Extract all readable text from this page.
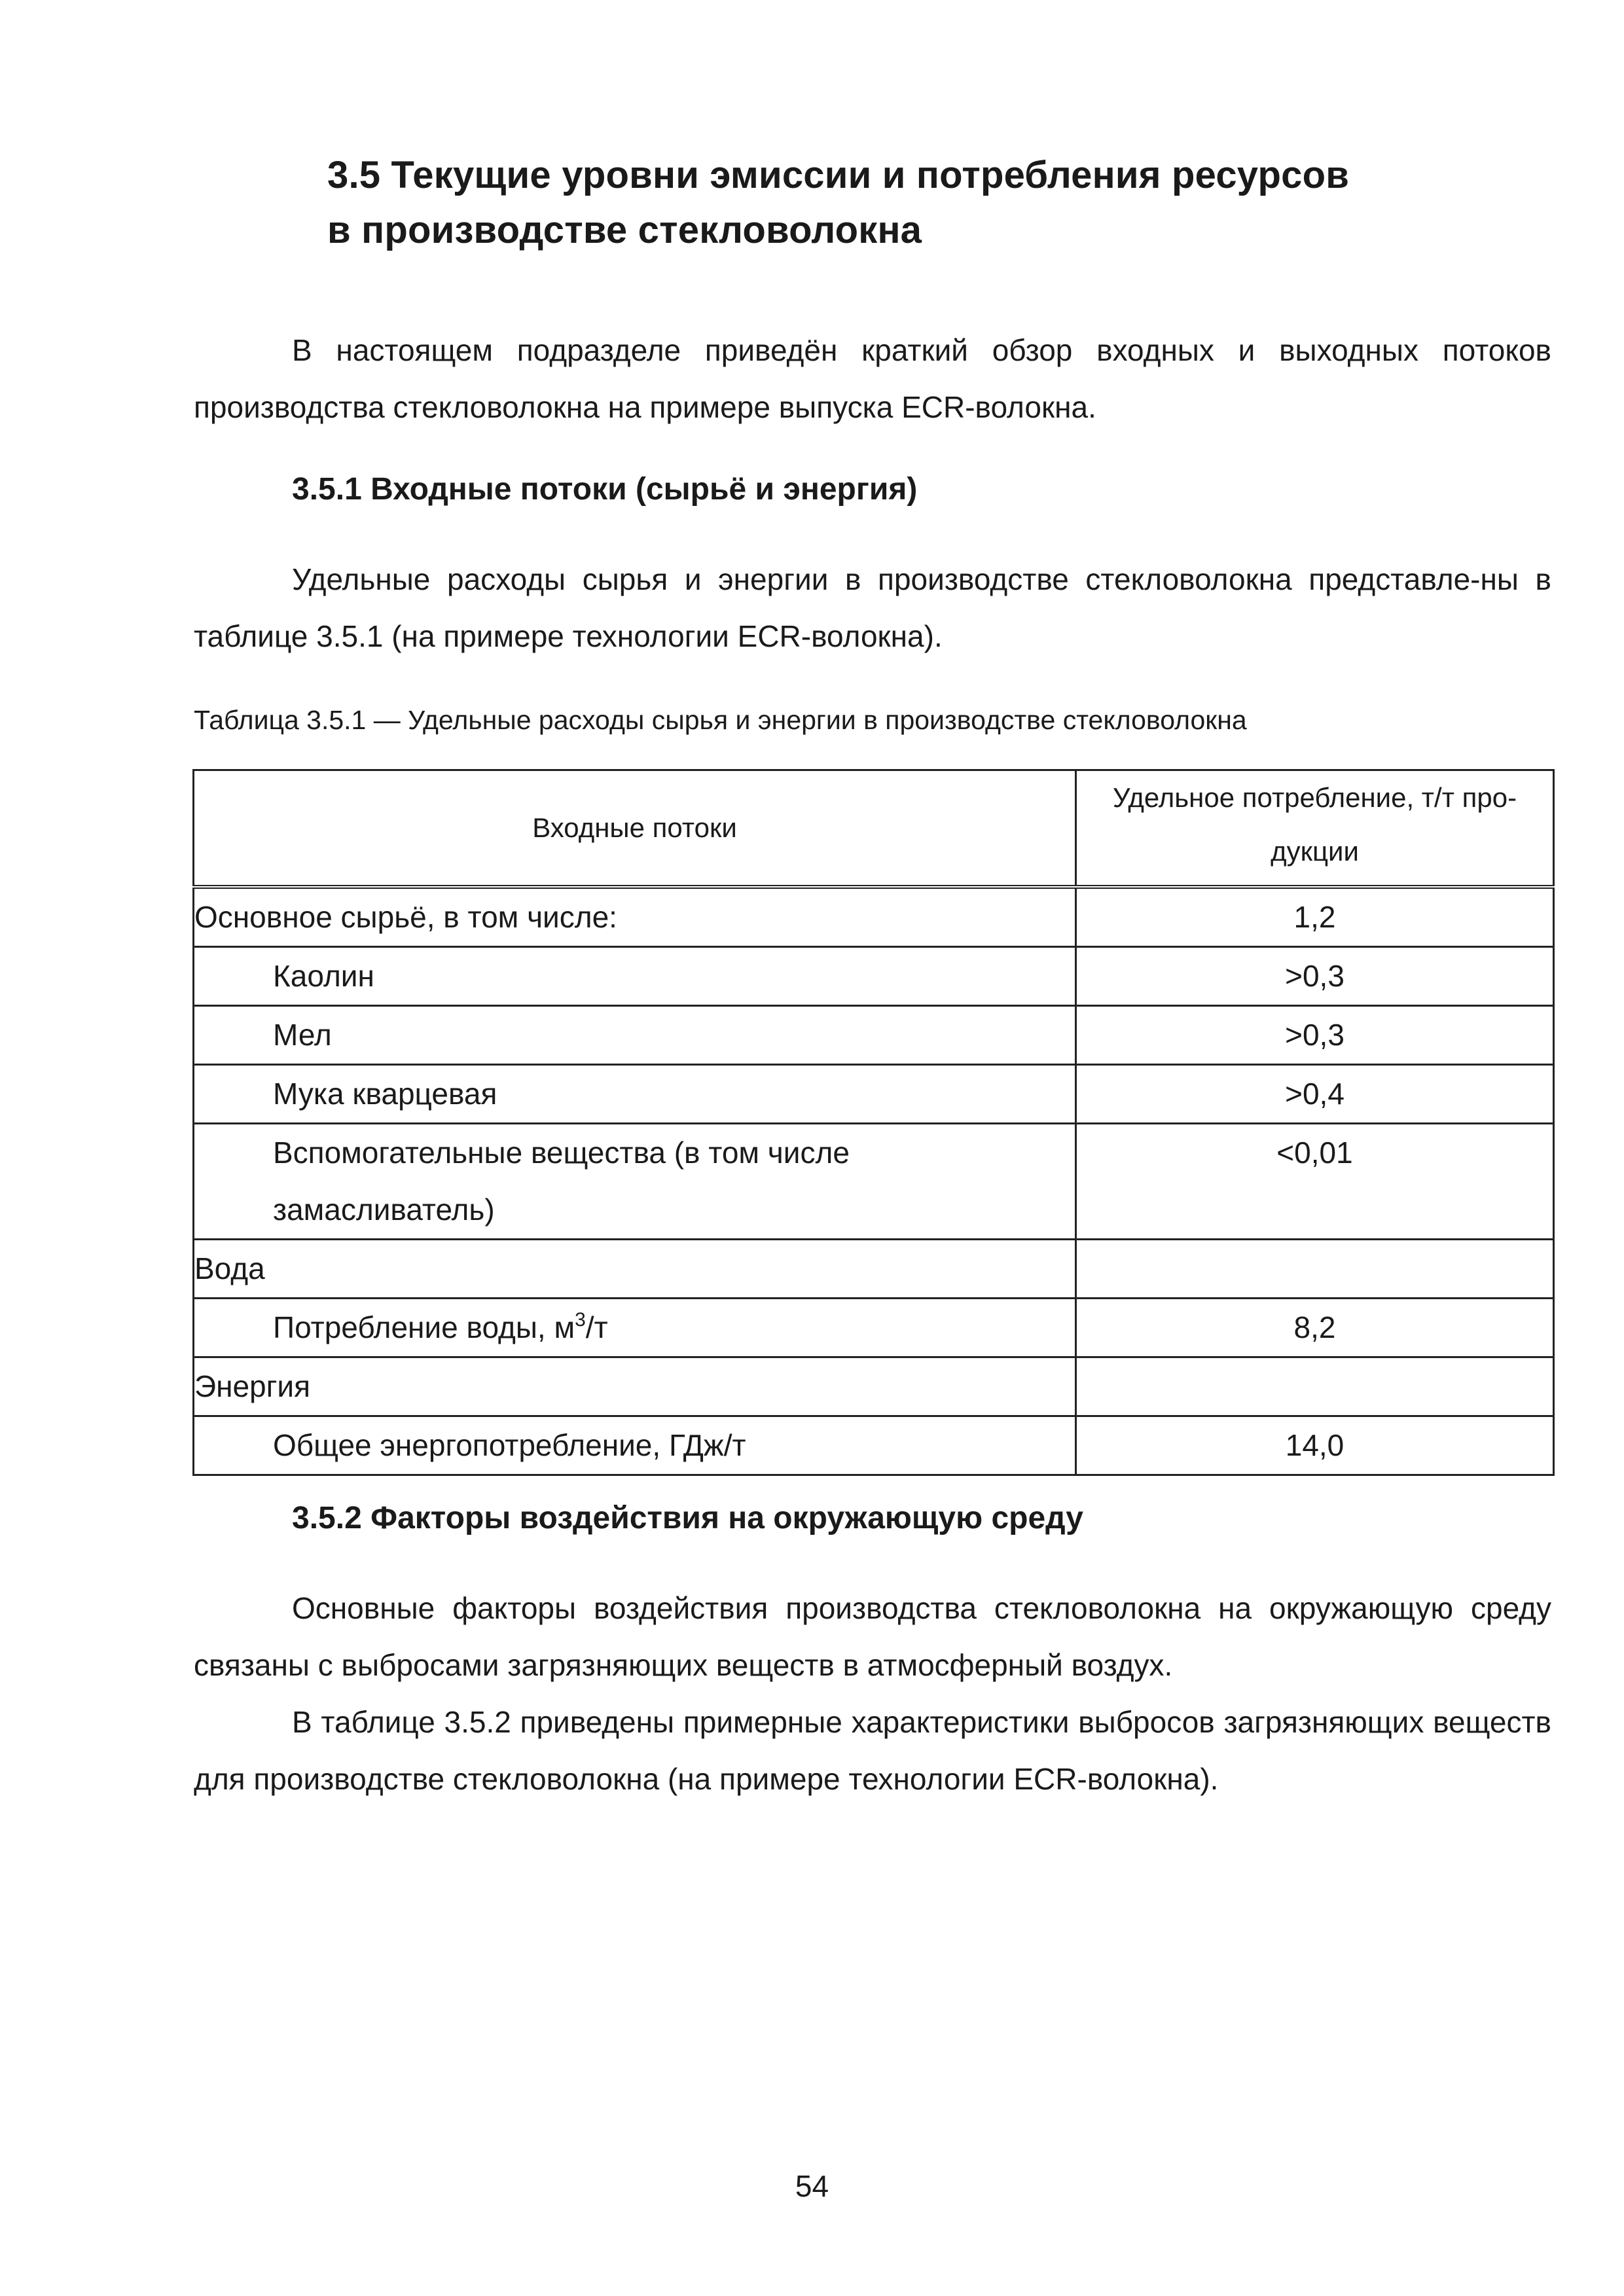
3.5 Текущие уровни эмиссии и потребления ресурсов
в производстве стекловолокна

В настоящем подразделе приведён краткий обзор входных и выходных потоков производства стекловолокна на примере выпуска ECR-волокна.

3.5.1 Входные потоки (сырьё и энергия)

Удельные расходы сырья и энергии в производстве стекловолокна представле-ны в таблице 3.5.1 (на примере технологии ECR-волокна).

Таблица 3.5.1 — Удельные расходы сырья и энергии в производстве стекловолокна

Входные потоки	Удельное потребление, т/т про-
дукции
Основное сырьё, в том числе:	1,2
Каолин	>0,3
Мел	>0,3
Мука кварцевая	>0,4
Вспомогательные вещества (в том числе
замасливатель)	<0,01
Вода	
Потребление воды, $м^3/т$	8,2
Энергия	
Общее энергопотребление, ГДж/т	14,0
3.5.2 Факторы воздействия на окружающую среду

Основные факторы воздействия производства стекловолокна на окружающую среду связаны с выбросами загрязняющих веществ в атмосферный воздух.

В таблице 3.5.2 приведены примерные характеристики выбросов загрязняющих веществ для производстве стекловолокна (на примере технологии ECR-волокна).

54
